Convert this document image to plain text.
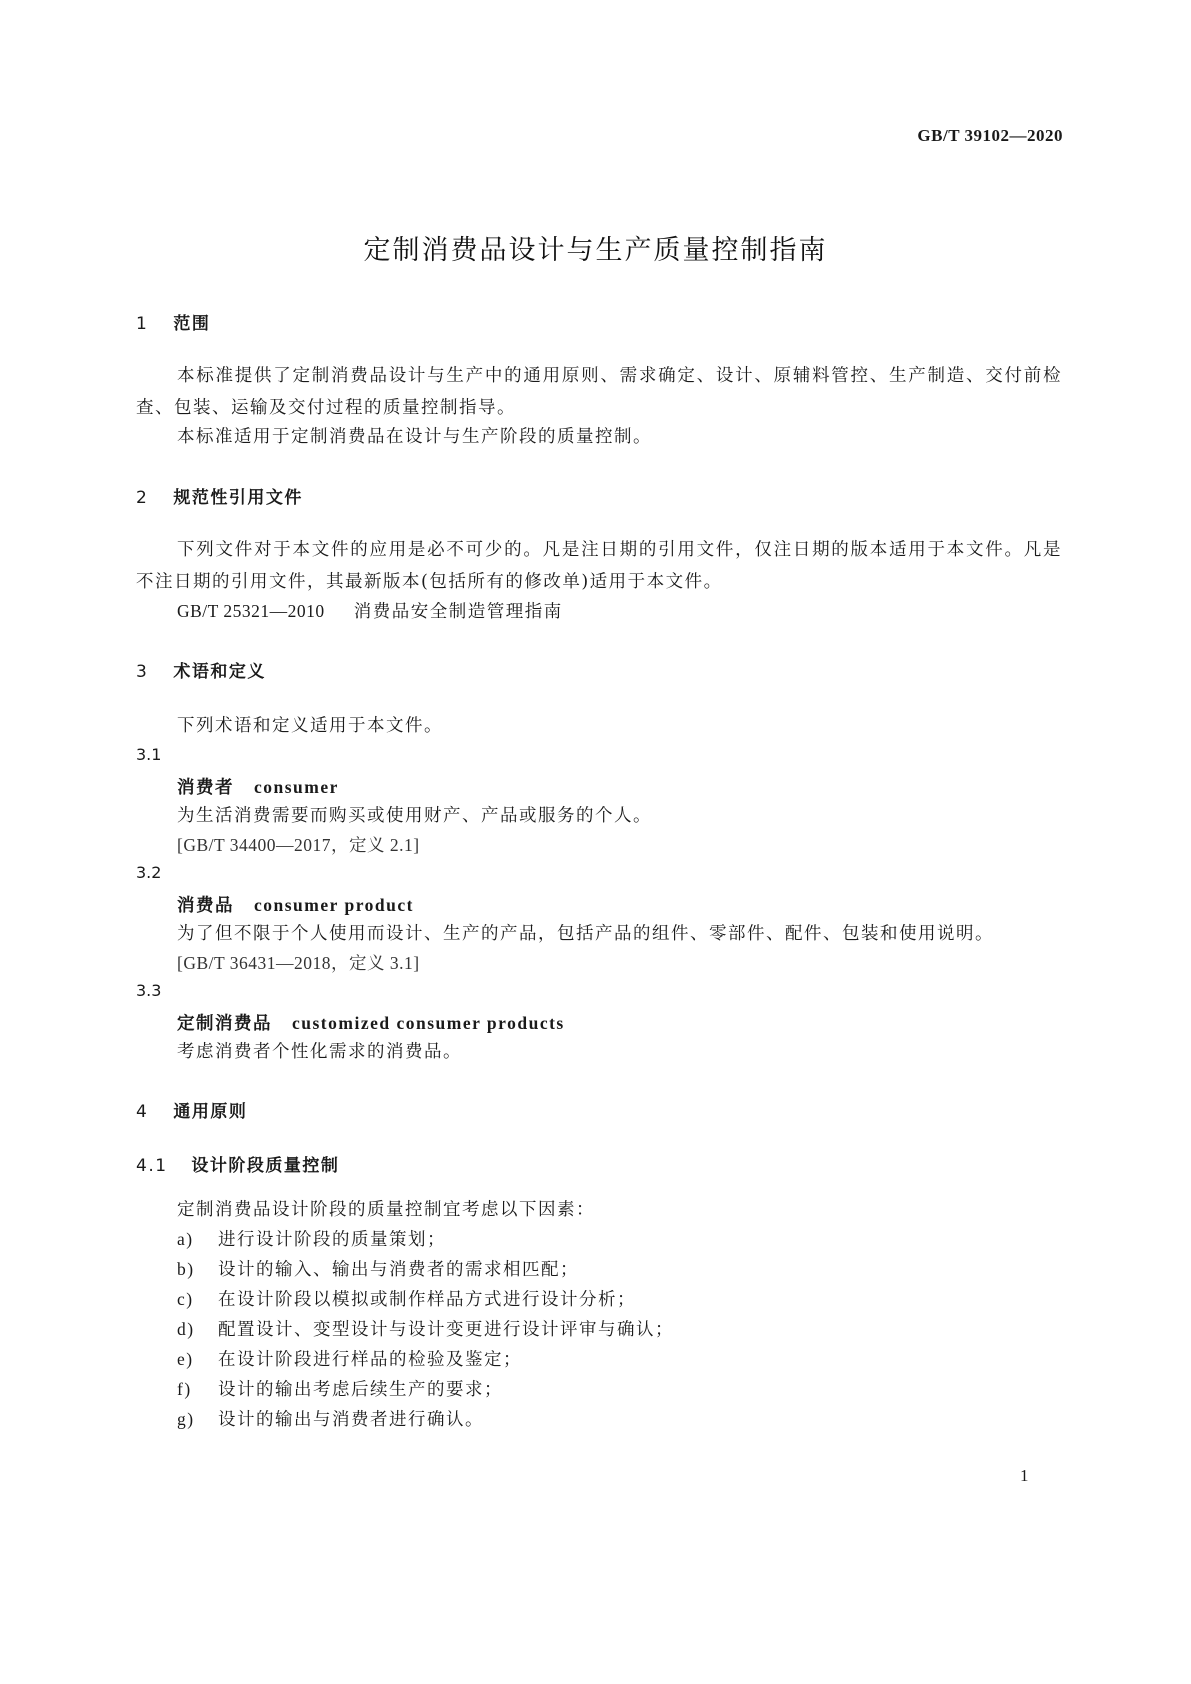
GB/T 39102—2020
定制消费品设计与生产质量控制指南
1 范围
本标准提供了定制消费品设计与生产中的通用原则、需求确定、设计、原辅料管控、生产制造、交付前检查、包装、运输及交付过程的质量控制指导。
本标准适用于定制消费品在设计与生产阶段的质量控制。
2 规范性引用文件
下列文件对于本文件的应用是必不可少的。凡是注日期的引用文件，仅注日期的版本适用于本文件。凡是不注日期的引用文件，其最新版本(包括所有的修改单)适用于本文件。
GB/T 25321—2010 消费品安全制造管理指南
3 术语和定义
下列术语和定义适用于本文件。
3.1
消费者 consumer
为生活消费需要而购买或使用财产、产品或服务的个人。
[GB/T 34400—2017，定义 2.1]
3.2
消费品 consumer product
为了但不限于个人使用而设计、生产的产品，包括产品的组件、零部件、配件、包装和使用说明。
[GB/T 36431—2018，定义 3.1]
3.3
定制消费品 customized consumer products
考虑消费者个性化需求的消费品。
4 通用原则
4.1 设计阶段质量控制
定制消费品设计阶段的质量控制宜考虑以下因素：
a) 进行设计阶段的质量策划；
b) 设计的输入、输出与消费者的需求相匹配；
c) 在设计阶段以模拟或制作样品方式进行设计分析；
d) 配置设计、变型设计与设计变更进行设计评审与确认；
e) 在设计阶段进行样品的检验及鉴定；
f) 设计的输出考虑后续生产的要求；
g) 设计的输出与消费者进行确认。
1
